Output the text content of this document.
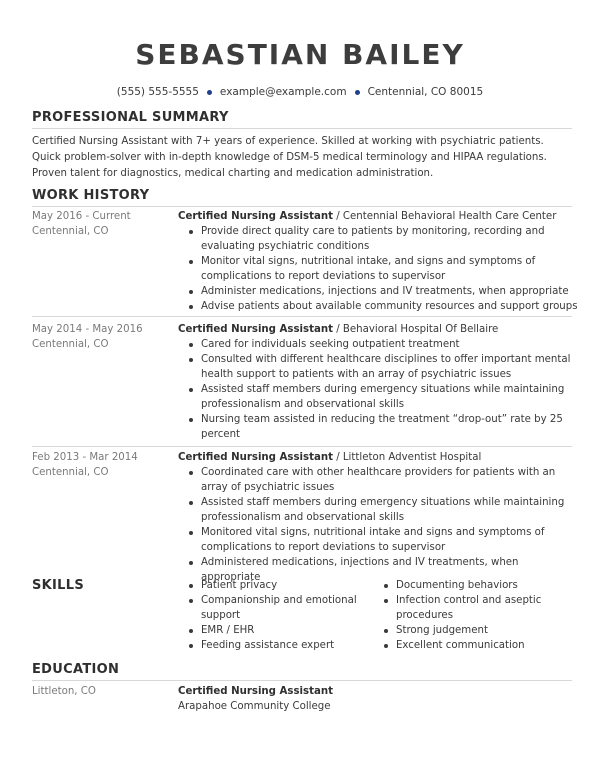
SEBASTIAN BAILEY
(555) 555-5555 example@example.com Centennial, CO 80015
PROFESSIONAL SUMMARY

Certified Nursing Assistant with 7+ years of experience. Skilled at working with psychiatric patients. Quick problem-solver with in-depth knowledge of DSM-5 medical terminology and HIPAA regulations. Proven talent for diagnostics, medical charting and medication administration.

WORK HISTORY
May 2016 - Current
Centennial, CO
Certified Nursing Assistant / Centennial Behavioral Health Care Center
Provide direct quality care to patients by monitoring, recording and evaluating psychiatric conditions
Monitor vital signs, nutritional intake, and signs and symptoms of complications to report deviations to supervisor
Administer medications, injections and IV treatments, when appropriate
Advise patients about available community resources and support groups
May 2014 - May 2016
Centennial, CO
Certified Nursing Assistant / Behavioral Hospital Of Bellaire
Cared for individuals seeking outpatient treatment
Consulted with different healthcare disciplines to offer important mental health support to patients with an array of psychiatric issues
Assisted staff members during emergency situations while maintaining professionalism and observational skills
Nursing team assisted in reducing the treatment “drop-out” rate by 25 percent
Feb 2013 - Mar 2014
Centennial, CO
Certified Nursing Assistant / Littleton Adventist Hospital
Coordinated care with other healthcare providers for patients with an array of psychiatric issues
Assisted staff members during emergency situations while maintaining professionalism and observational skills
Monitored vital signs, nutritional intake and signs and symptoms of complications to report deviations to supervisor
Administered medications, injections and IV treatments, when appropriate
SKILLS	Patient privacy
Companionship and emotional support
EMR / EHR
Feeding assistance expert
Documenting behaviors
Infection control and aseptic procedures
Strong judgement
Excellent communication
EDUCATION
Littleton, CO	Certified Nursing Assistant
Arapahoe Community College
